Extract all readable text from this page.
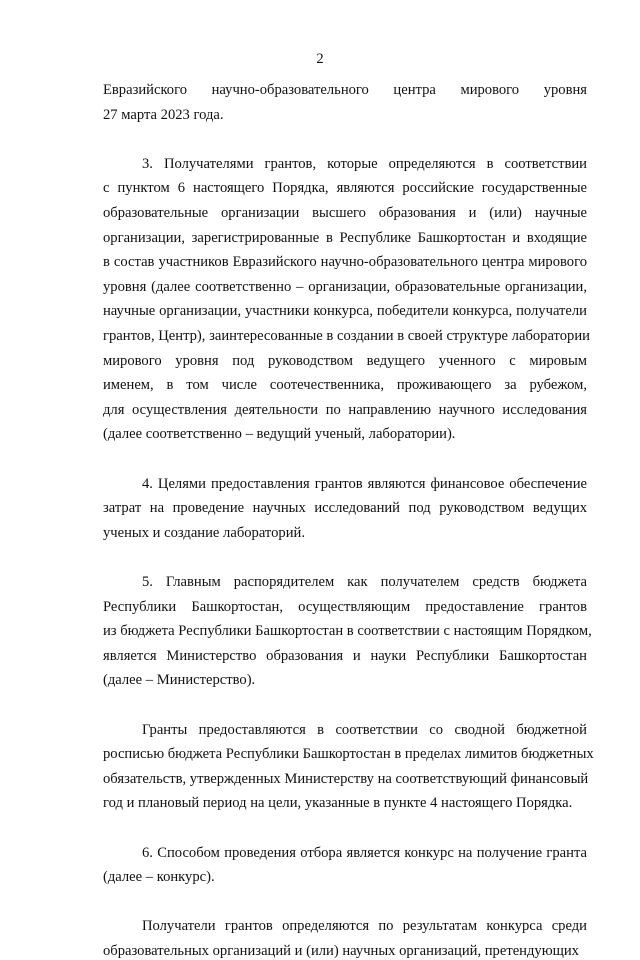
2
Евразийского научно-образовательного центра мирового уровня
27 марта 2023 года.
3. Получателями грантов, которые определяются в соответствии
с пунктом 6 настоящего Порядка, являются российские государственные
образовательные организации высшего образования и (или) научные
организации, зарегистрированные в Республике Башкортостан и входящие
в состав участников Евразийского научно-образовательного центра мирового
уровня (далее соответственно – организации, образовательные организации,
научные организации, участники конкурса, победители конкурса, получатели
грантов, Центр), заинтересованные в создании в своей структуре лаборатории
мирового уровня под руководством ведущего ученного с мировым
именем, в том числе соотечественника, проживающего за рубежом,
для осуществления деятельности по направлению научного исследования
(далее соответственно – ведущий ученый, лаборатории).
4. Целями предоставления грантов являются финансовое обеспечение
затрат на проведение научных исследований под руководством ведущих
ученых и создание лабораторий.
5. Главным распорядителем как получателем средств бюджета
Республики Башкортостан, осуществляющим предоставление грантов
из бюджета Республики Башкортостан в соответствии с настоящим Порядком,
является Министерство образования и науки Республики Башкортостан
(далее – Министерство).
Гранты предоставляются в соответствии со сводной бюджетной
росписью бюджета Республики Башкортостан в пределах лимитов бюджетных
обязательств, утвержденных Министерству на соответствующий финансовый
год и плановый период на цели, указанные в пункте 4 настоящего Порядка.
6. Способом проведения отбора является конкурс на получение гранта
(далее – конкурс).
Получатели грантов определяются по результатам конкурса среди
образовательных организаций и (или) научных организаций, претендующих
